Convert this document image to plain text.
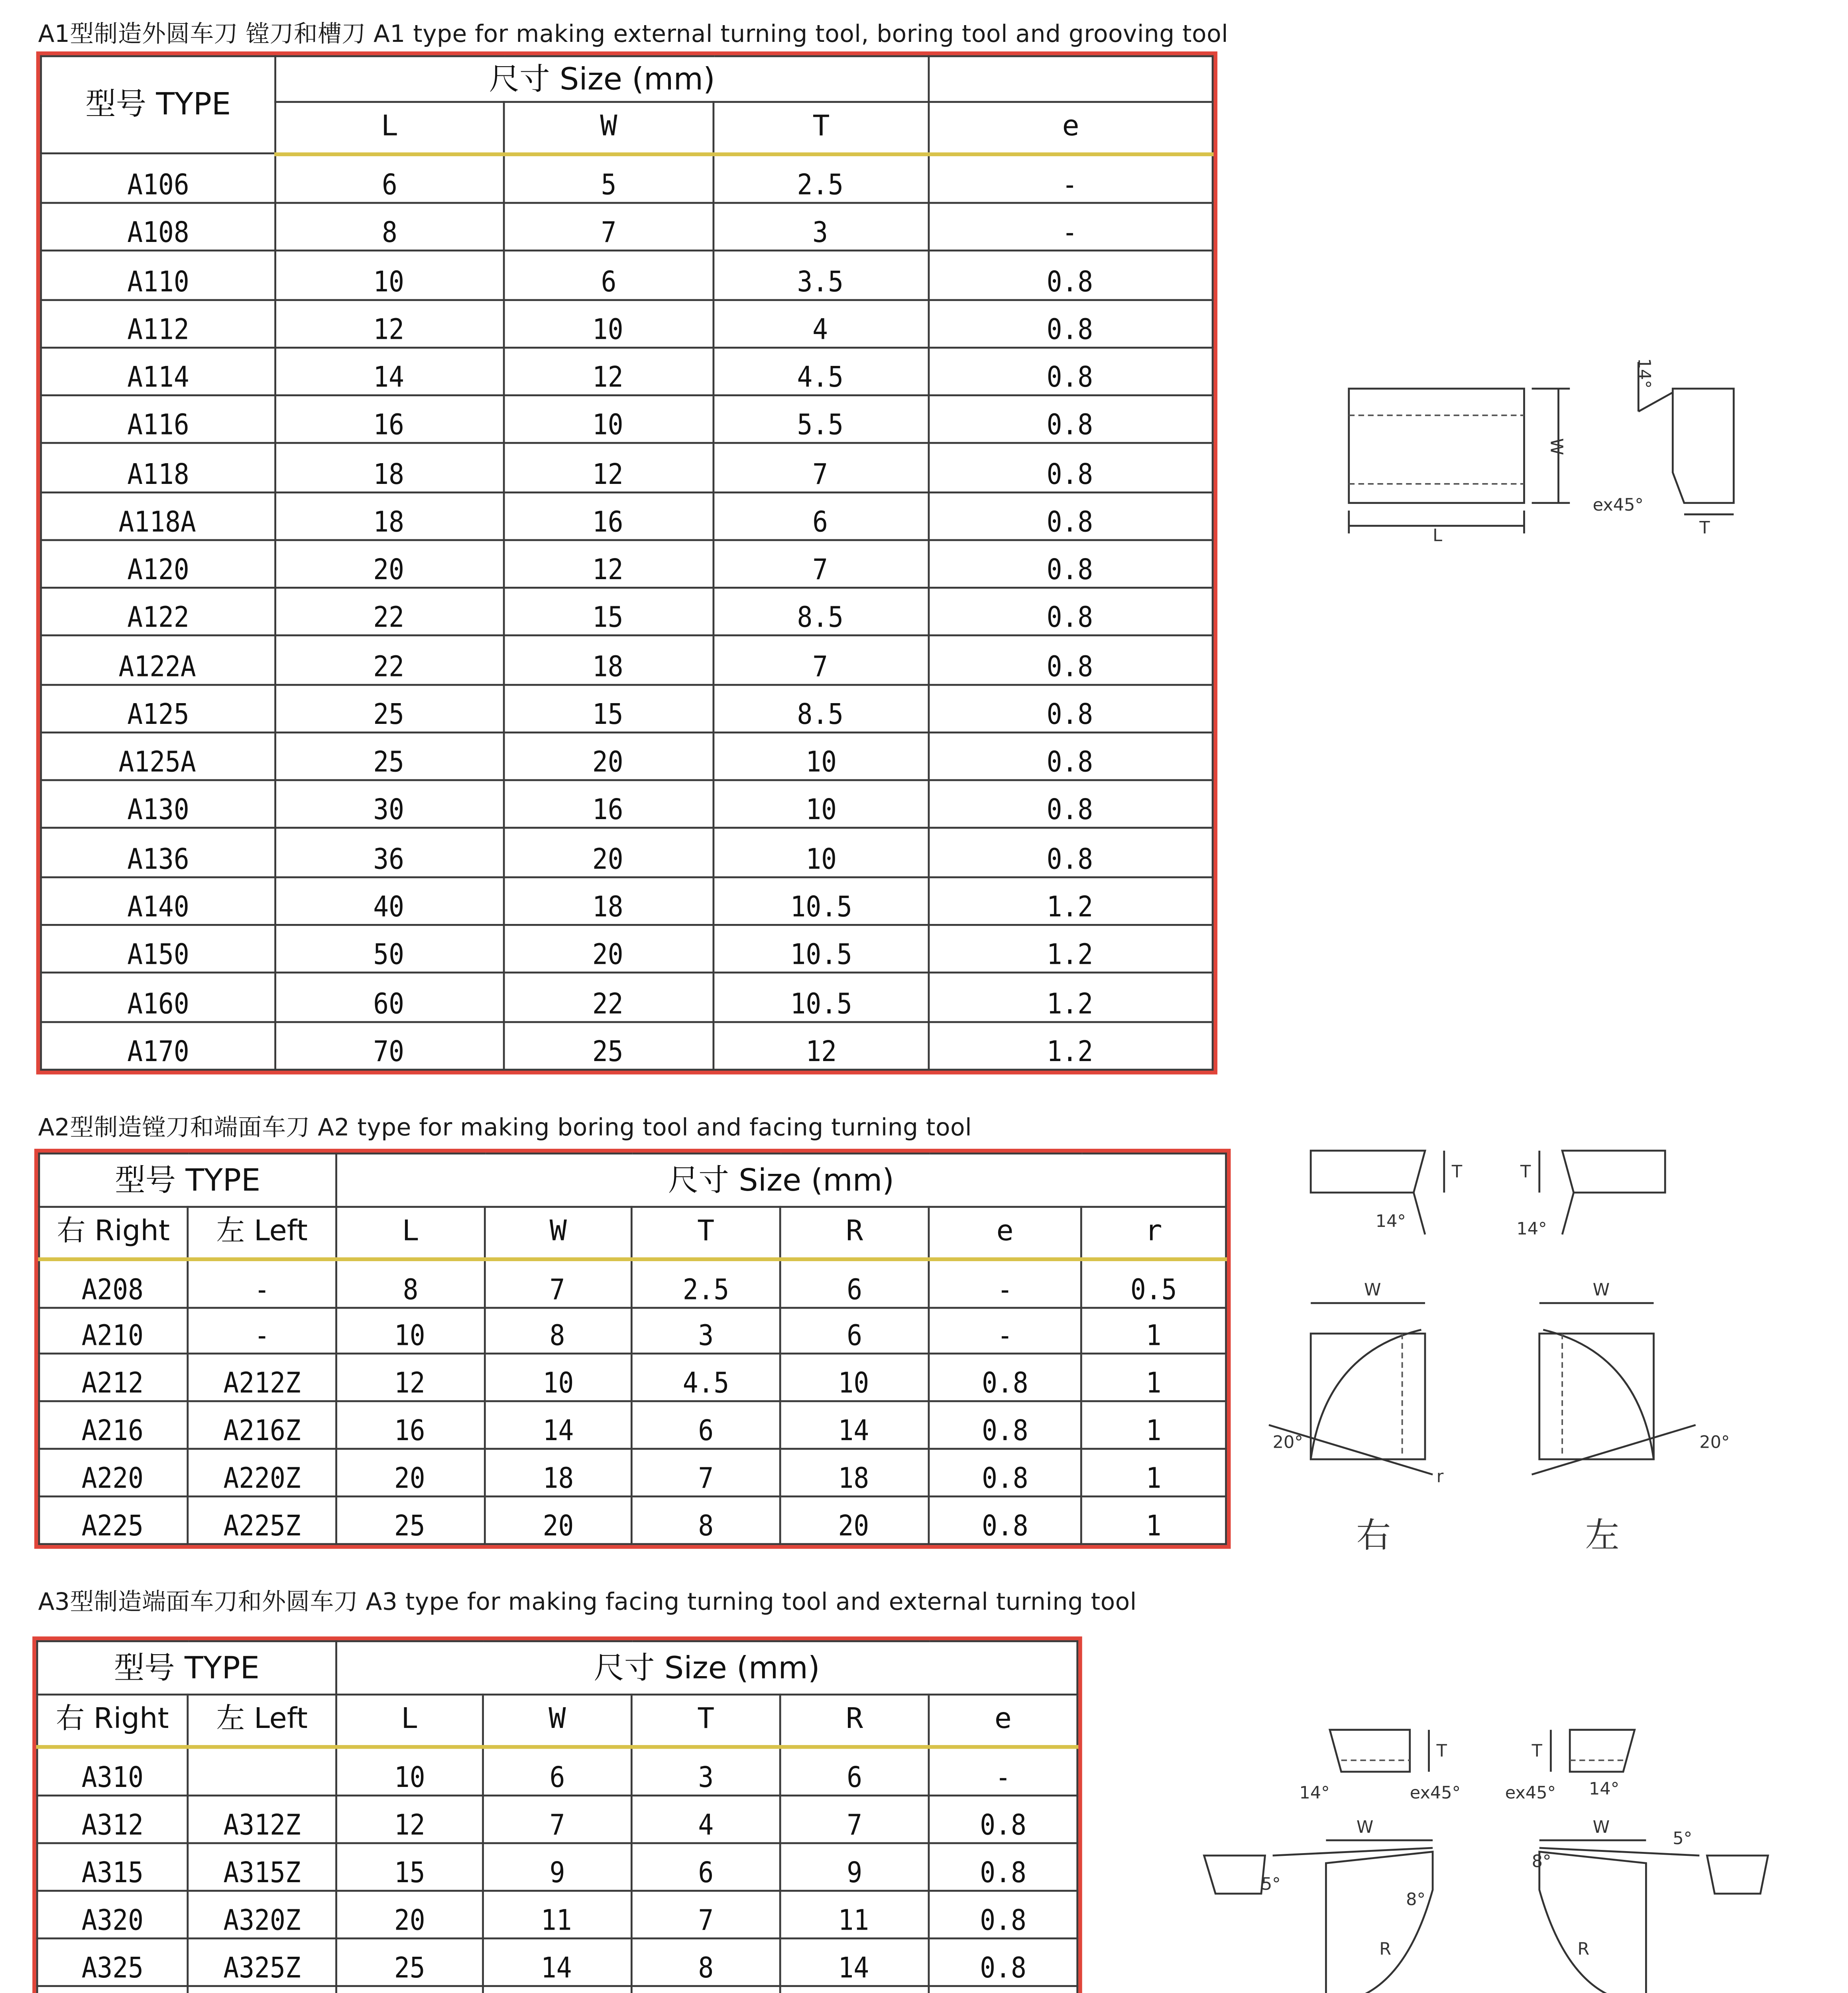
A1型制造外圆车刀 镗刀和槽刀 A1 type for making external turning tool, boring tool and grooving tool
型号 TYPE	尺寸 Size (mm)			
	L	W	T	e
A106	6	5	2.5	-
A108	8	7	3	-
A110	10	6	3.5	0.8
A112	12	10	4	0.8
A114	14	12	4.5	0.8
A116	16	10	5.5	0.8
A118	18	12	7	0.8
A118A	18	16	6	0.8
A120	20	12	7	0.8
A122	22	15	8.5	0.8
A122A	22	18	7	0.8
A125	25	15	8.5	0.8
A125A	25	20	10	0.8
A130	30	16	10	0.8
A136	36	20	10	0.8
A140	40	18	10.5	1.2
A150	50	20	10.5	1.2
A160	60	22	10.5	1.2
A170	70	25	12	1.2
L
W
14°
ex45°
T
A2型制造镗刀和端面车刀 A2 type for making boring tool and facing turning tool
型号 TYPE		尺寸 Size (mm)					
右 Right	左 Left	L	W	T	R	e	r
A208	-	8	7	2.5	6	-	0.5
A210	-	10	8	3	6	-	1
A212	A212Z	12	10	4.5	10	0.8	1
A216	A216Z	16	14	6	14	0.8	1
A220	A220Z	20	18	7	18	0.8	1
A225	A225Z	25	20	8	20	0.8	1
14°
T
14°
T
W
20°
r
右
W
20°
左
A3型制造端面车刀和外圆车刀 A3 type for making facing turning tool and external turning tool
型号 TYPE		尺寸 Size (mm)				
右 Right	左 Left	L	W	T	R	e
A310		10	6	3	6	-
A312	A312Z	12	7	4	7	0.8
A315	A315Z	15	9	6	9	0.8
A320	A320Z	20	11	7	11	0.8
A325	A325Z	25	14	8	14	0.8

14°	ex45°
T
ex45°	14°
T
W
R
8°
5°
W
R
8°
5°
